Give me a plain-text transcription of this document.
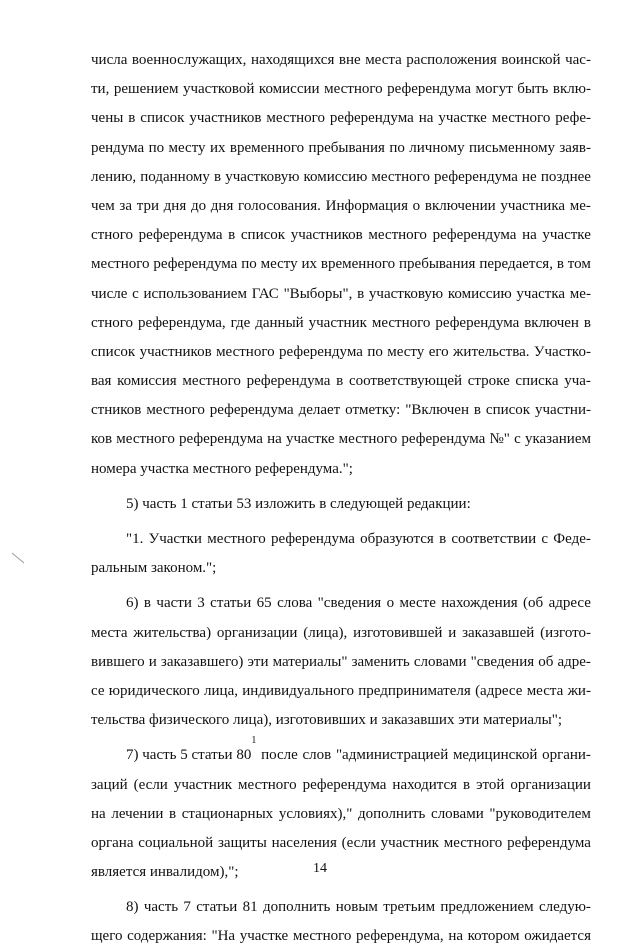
числа военнослужащих, находящихся вне места расположения воинской час-
ти, решением участковой комиссии местного референдума могут быть вклю-
чены в список участников местного референдума на участке местного рефе-
рендума по месту их временного пребывания по личному письменному заяв-
лению, поданному в участковую комиссию местного референдума не позднее
чем за три дня до дня голосования. Информация о включении участника ме-
стного референдума в список участников местного референдума на участке
местного референдума по месту их временного пребывания передается, в том
числе с использованием ГАС "Выборы", в участковую комиссию участка ме-
стного референдума, где данный участник местного референдума включен в
список участников местного референдума по месту его жительства. Участко-
вая комиссия местного референдума в соответствующей строке списка уча-
стников местного референдума делает отметку: "Включен в список участни-
ков местного референдума на участке местного референдума №" с указанием
номера участка местного референдума.";
5) часть 1 статьи 53 изложить в следующей редакции:
"1. Участки местного референдума образуются в соответствии с Феде-
ральным законом.";
6) в части 3 статьи 65 слова "сведения о месте нахождения (об адресе
места жительства) организации (лица), изготовившей и заказавшей (изгото-
вившего и заказавшего) эти материалы" заменить словами "сведения об адре-
се юридического лица, индивидуального предпринимателя (адресе места жи-
тельства физического лица), изготовивших и заказавших эти материалы";
7) часть 5 статьи 80
1
после слов "администрацией медицинской органи-
заций (если участник местного референдума находится в этой организации
на лечении в стационарных условиях)," дополнить словами "руководителем
органа социальной защиты населения (если участник местного референдума
является инвалидом),";
8) часть 7 статьи 81 дополнить новым третьим предложением следую-
щего содержания: "На участке местного референдума, на котором ожидается
14
